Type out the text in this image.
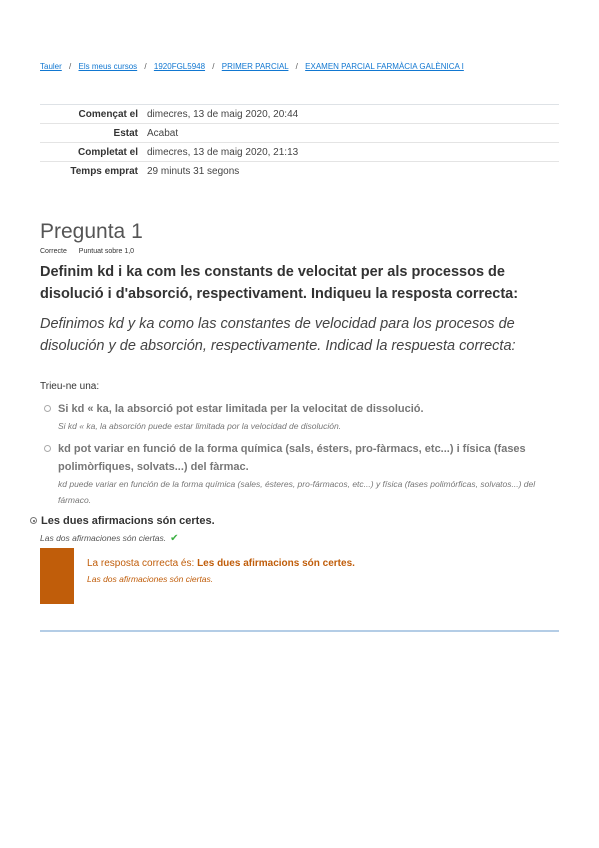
Tauler / Els meus cursos / 1920FGL5948 / PRIMER PARCIAL / EXAMEN PARCIAL FARMÀCIA GALÈNICA I
Començat el	dimecres, 13 de maig 2020, 20:44
Estat	Acabat
Completat el	dimecres, 13 de maig 2020, 21:13
Temps emprat	29 minuts 31 segons
Pregunta 1
Correcte Puntuat sobre 1,0
Definim kd i ka com les constants de velocitat per als processos de disolució i d'absorció, respectivament. Indiqueu la resposta correcta:
Definimos kd y ka como las constantes de velocidad para los procesos de disolución y de absorción, respectivamente. Indicad la respuesta correcta:
Trieu-ne una:
Si kd « ka, la absorció pot estar limitada per la velocitat de dissolució.
Si kd « ka, la absorción puede estar limitada por la velocidad de disolución.
kd pot variar en funció de la forma química (sals, ésters, pro-fàrmacs, etc...) i física (fases polimòrfiques, solvats...) del fàrmac.
kd puede variar en función de la forma química (sales, ésteres, pro-fármacos, etc...) y física (fases polimórficas, solvatos...) del fármaco.
Les dues afirmacions són certes.
Las dos afirmaciones són ciertas. ✔
La resposta correcta és: Les dues afirmacions són certes.
Las dos afirmaciones són ciertas.
